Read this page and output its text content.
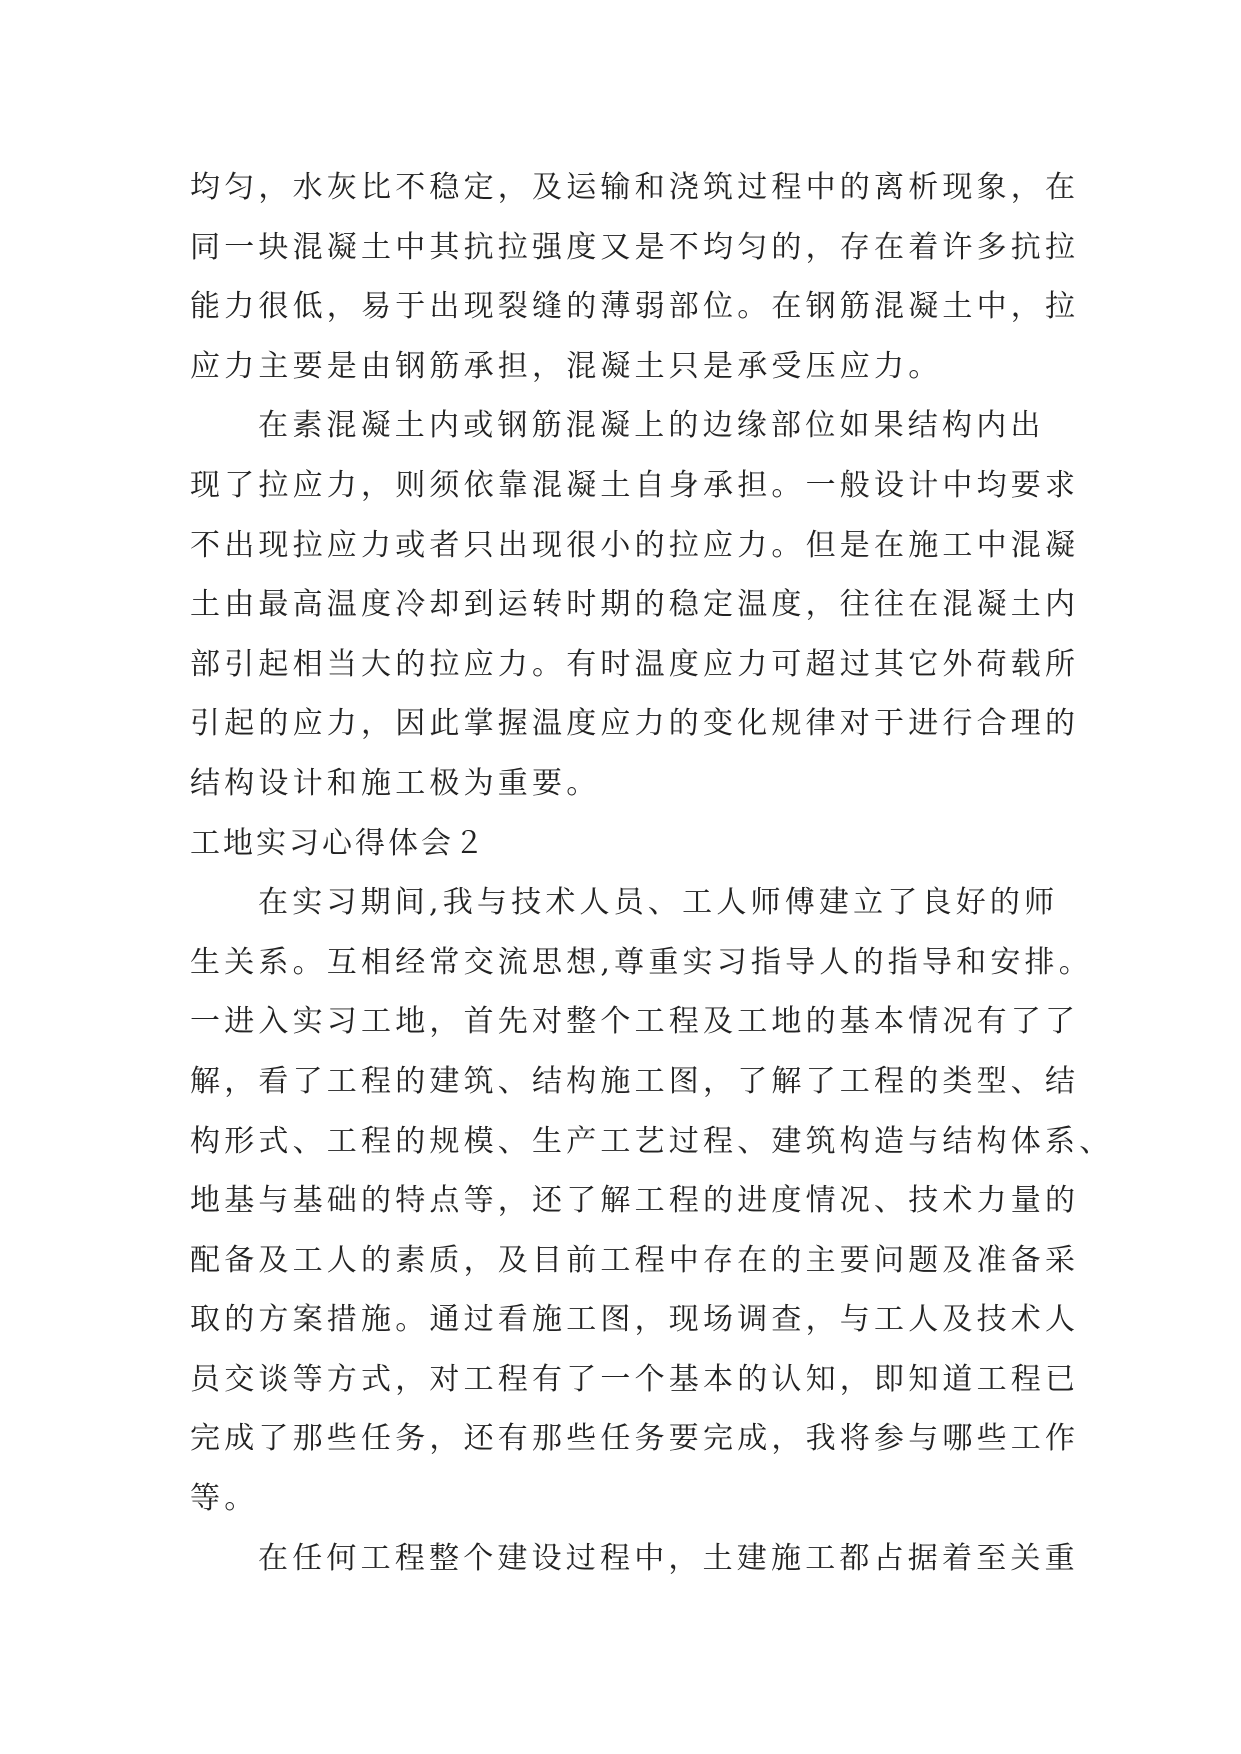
均匀，水灰比不稳定，及运输和浇筑过程中的离析现象，在
同一块混凝土中其抗拉强度又是不均匀的，存在着许多抗拉
能力很低，易于出现裂缝的薄弱部位。在钢筋混凝土中，拉
应力主要是由钢筋承担，混凝土只是承受压应力。
在素混凝土内或钢筋混凝上的边缘部位如果结构内出
现了拉应力，则须依靠混凝土自身承担。一般设计中均要求
不出现拉应力或者只出现很小的拉应力。但是在施工中混凝
土由最高温度冷却到运转时期的稳定温度，往往在混凝土内
部引起相当大的拉应力。有时温度应力可超过其它外荷载所
引起的应力，因此掌握温度应力的变化规律对于进行合理的
结构设计和施工极为重要。
工地实习心得体会２
在实习期间,我与技术人员、工人师傅建立了良好的师
生关系。互相经常交流思想,尊重实习指导人的指导和安排。
一进入实习工地，首先对整个工程及工地的基本情况有了了
解，看了工程的建筑、结构施工图，了解了工程的类型、结
构形式、工程的规模、生产工艺过程、建筑构造与结构体系、
地基与基础的特点等，还了解工程的进度情况、技术力量的
配备及工人的素质，及目前工程中存在的主要问题及准备采
取的方案措施。通过看施工图，现场调查，与工人及技术人
员交谈等方式，对工程有了一个基本的认知，即知道工程已
完成了那些任务，还有那些任务要完成，我将参与哪些工作
等。
在任何工程整个建设过程中，土建施工都占据着至关重
